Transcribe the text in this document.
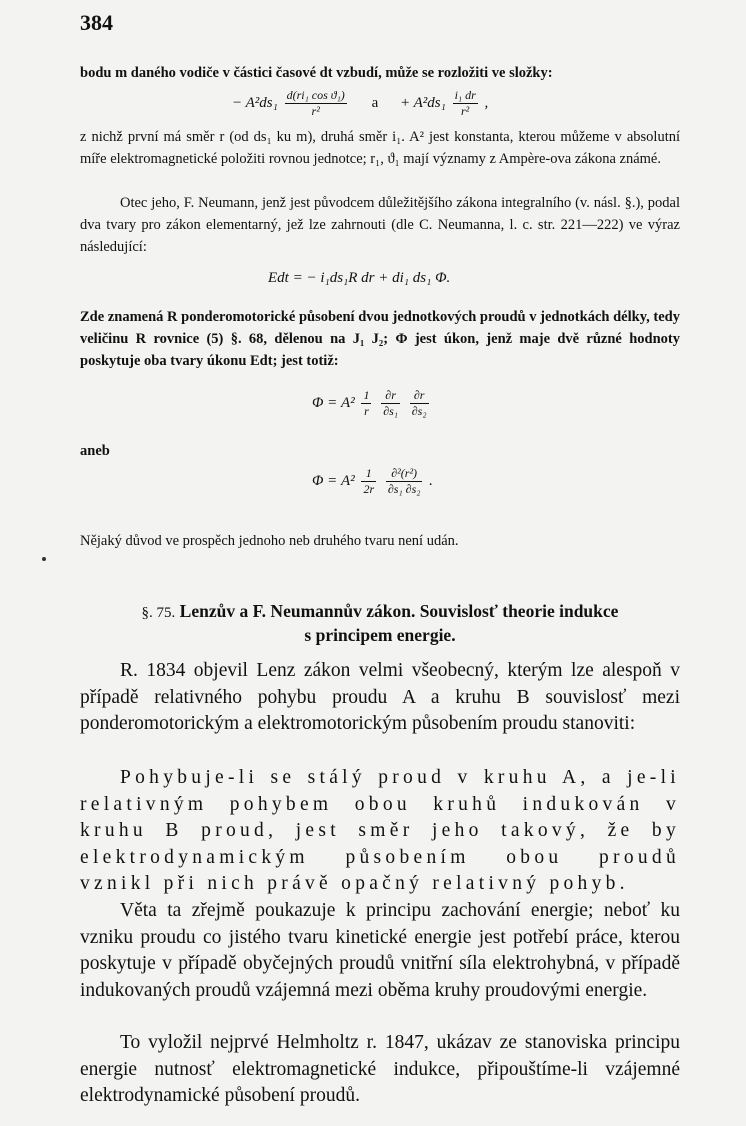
384

bodu m daného vodiče v částici časové dt vzbudí, může se rozložiti ve složky:

− $A^2ds_1 \frac{\text{d(ri₁ cos ϑ₁)}}{\text{r²}}$ $a + A^2ds_1 \frac{\text{i₁ dr}}{\text{r²}}$ ,

z nichž první má směr r (od ds₁ ku m), druhá směr i₁. A² jest konstanta, kterou můžeme v absolutní míře elektromagnetické položiti rovnou jednotce; r₁, ϑ₁ mají významy z Ampère-ova zákona známé.

Otec jeho, F. Neumann, jenž jest původcem důležitějšího zákona integralního (v. násl. §.), podal dva tvary pro zákon elementarný, jež lze zahrnouti (dle C. Neumanna, l. c. str. 221—222) ve výraz následující:

Edt = − i₁ds₁R dr + di₁ ds₁ Φ.

Zde znamená R ponderomotorické působení dvou jednotkových proudů v jednotkách délky, tedy veličinu R rovnice (5) §. 68, dělenou na J₁ J₂; Φ jest úkon, jenž maje dvě různé hodnoty poskytuje oba tvary úkonu Edt; jest totiž:

$\Phi = A^2 \frac{1}{r}$
$\frac{\partial r}{\text{∂s₁}}$
$\frac{\partial r}{\text{∂s₂}}$
aneb
$\Phi = A^2 \frac{1}{2r}$
$\frac{\text{∂²(r²)}}{\text{∂s₁ ∂s₂}}$ .

Nějaký důvod ve prospěch jednoho neb druhého tvaru není udán.

§. 75. Lenzův a F. Neumannův zákon. Souvislosť theorie indukce
s principem energie.

R. 1834 objevil Lenz zákon velmi všeobecný, kterým lze alespoň v případě relativného pohybu proudu A a kruhu B souvislosť mezi ponderomotorickým a elektromotorickým působením proudu stanoviti:

Pohybuje-li se stálý proud v kruhu A, a je-li relativným pohybem obou kruhů indukován v kruhu B proud, jest směr jeho takový, že by elektrodynamickým působením obou proudů vznikl při nich právě opačný relativný pohyb.

Věta ta zřejmě poukazuje k principu zachování energie; neboť ku vzniku proudu co jistého tvaru kinetické energie jest potřebí práce, kterou poskytuje v případě obyčejných proudů vnitřní síla elektrohybná, v případě indukovaných proudů vzájemná mezi oběma kruhy proudovými energie.

To vyložil nejprvé Helmholtz r. 1847, ukázav ze stanoviska principu energie nutnosť elektromagnetické indukce, připouštíme-li vzájemné elektrodynamické působení proudů.
